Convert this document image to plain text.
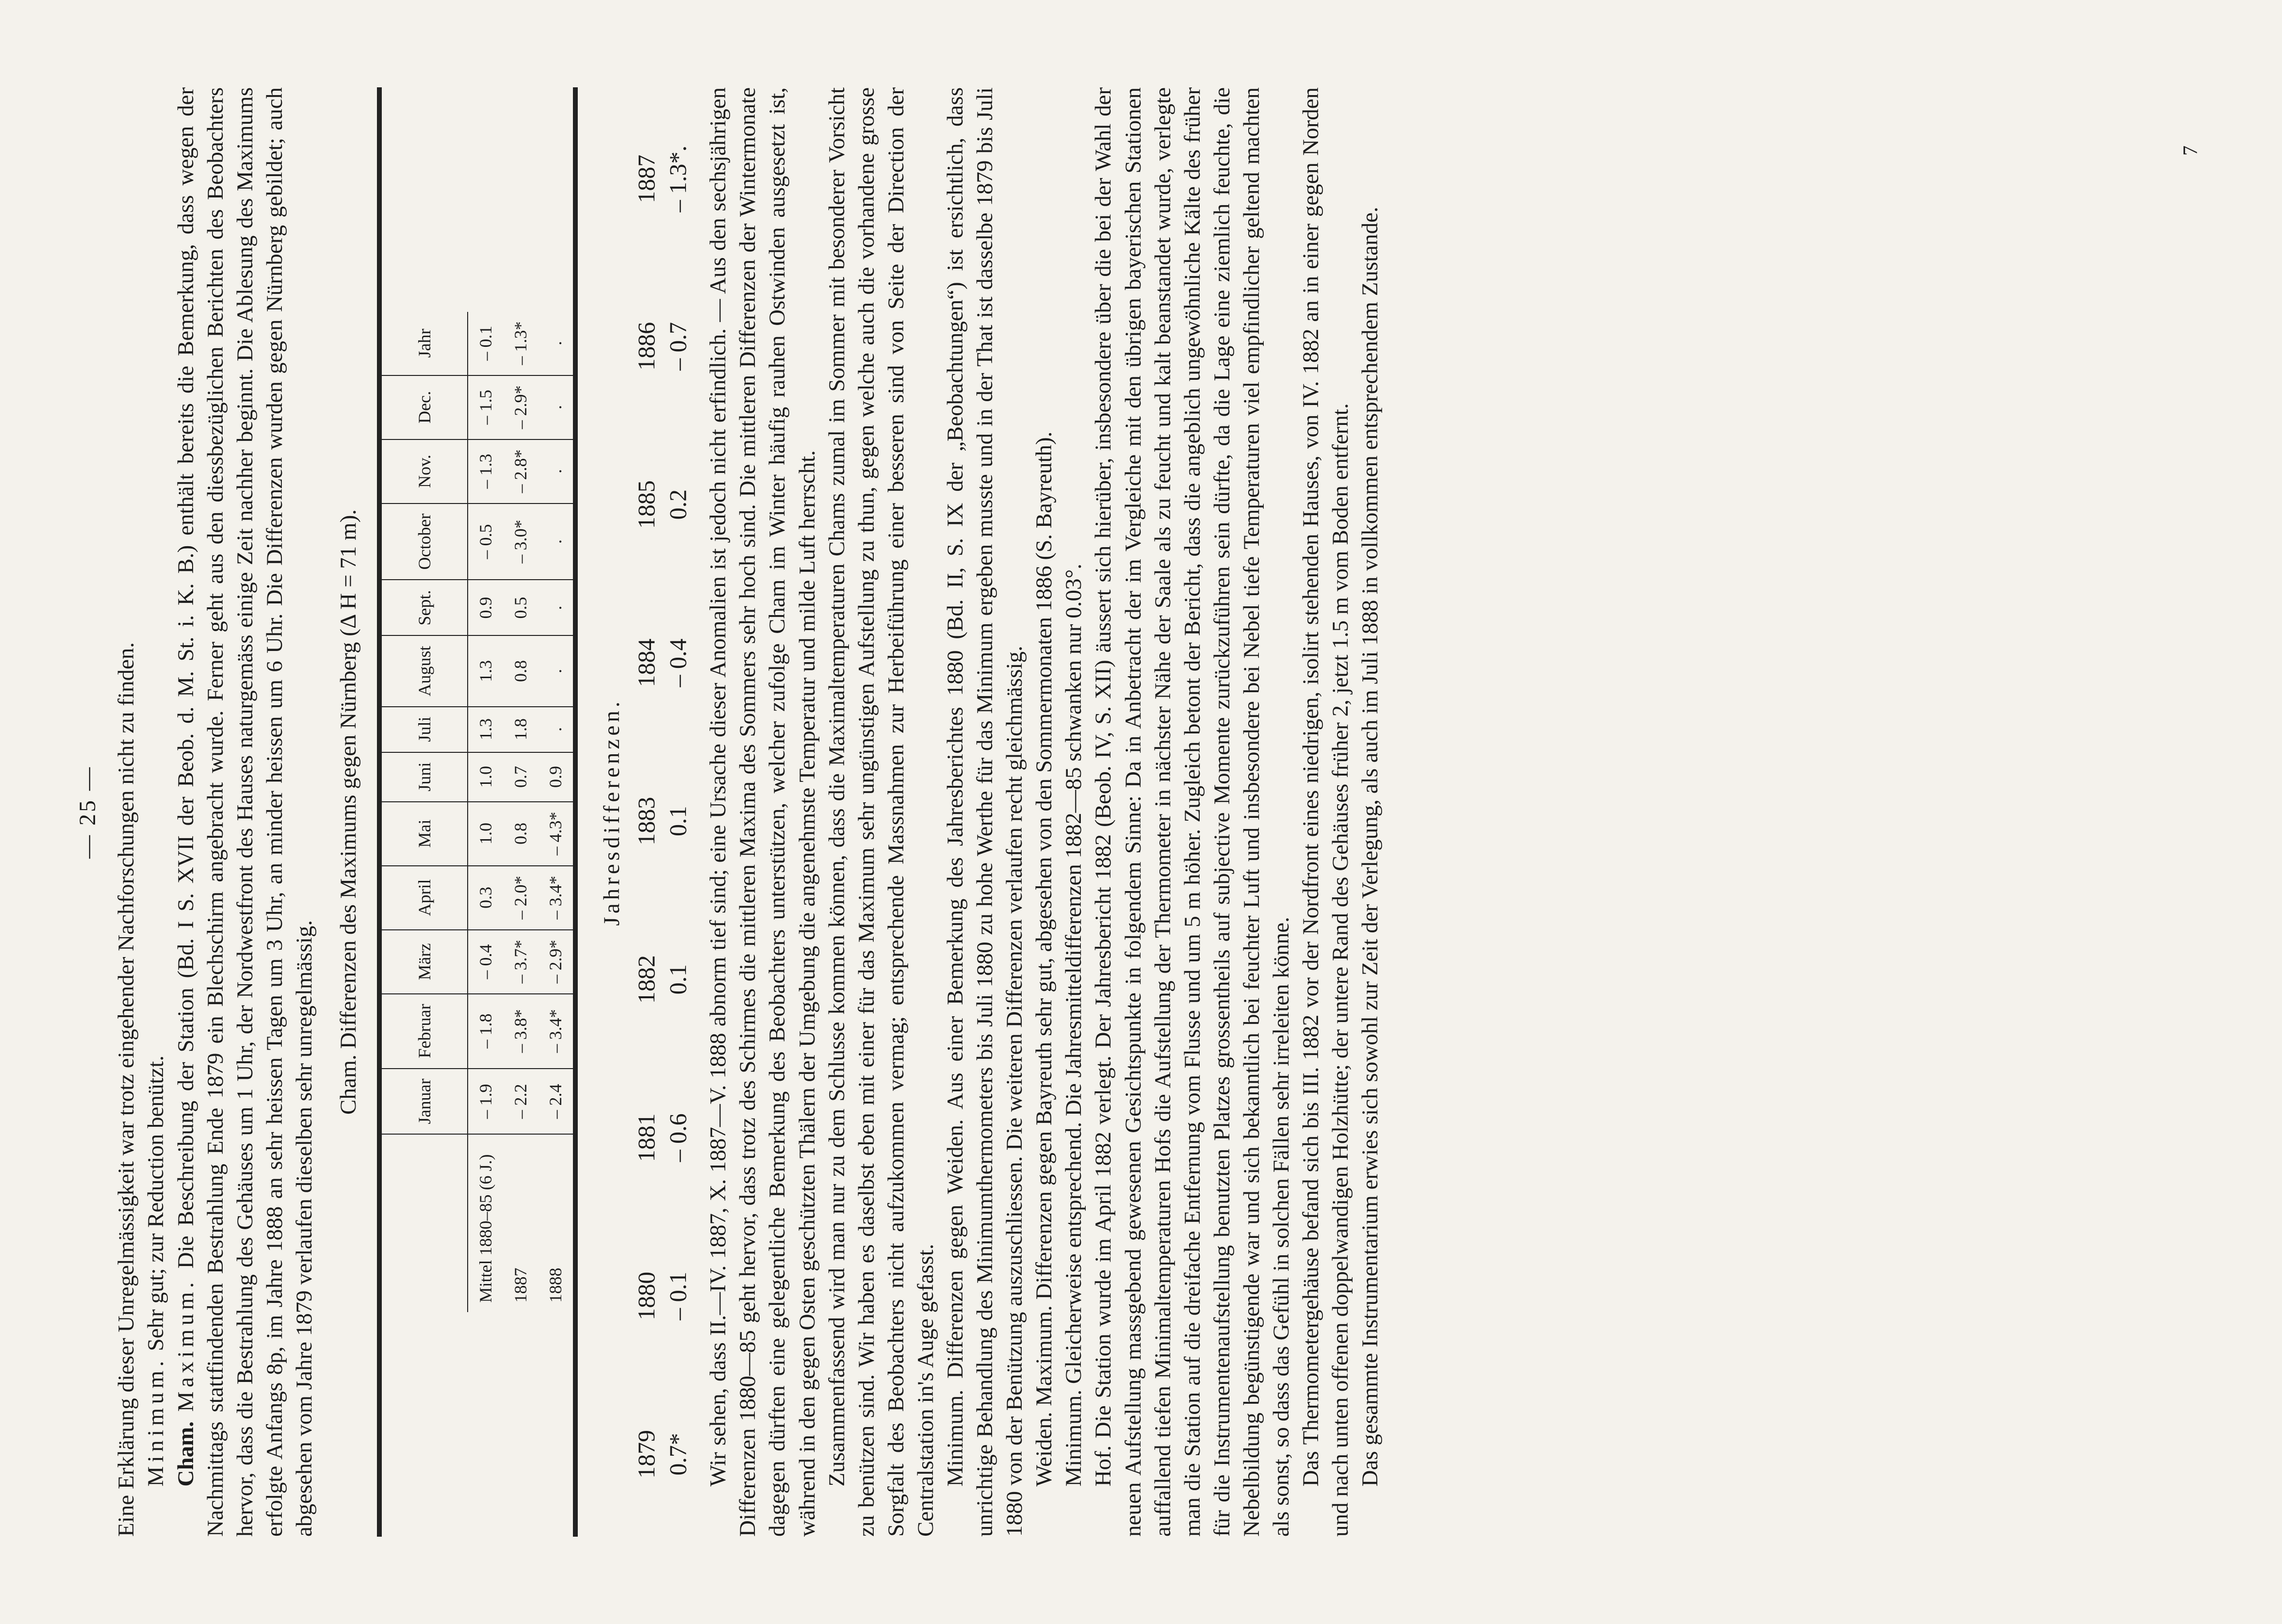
— 25 — Eine Erklärung dieser Unregelmässigkeit war trotz eingehender Nachforschungen nicht zu finden. Minimum. Sehr gut; zur Reduction benützt.

Cham. Maximum. Die Beschreibung der Station (Bd. I S. XVII der Beob. d. M. St. i. K. B.) enthält bereits die Bemerkung, dass wegen der Nachmittags stattfindenden Bestrahlung Ende 1879 ein Blechschirm angebracht wurde. Ferner geht aus den diessbezüglichen Berichten des Beobachters hervor, dass die Bestrahlung des Gehäuses um 1 Uhr, der Nordwestfront des Hauses naturgemäss einige Zeit nachher beginnt. Die Ablesung des Maximums erfolgte Anfangs 8p, im Jahre 1888 an sehr heissen Tagen um 3 Uhr, an minder heissen um 6 Uhr. Die Differenzen wurden gegen Nürnberg gebildet; auch abgesehen vom Jahre 1879 verlaufen dieselben sehr unregelmässig.

Cham. Differenzen des Maximums gegen Nürnberg (Δ H = 71 m).
		Januar	Februar	März	April	Mai	Juni	Juli	August	Sept.	October	Nov.	Dec.	Jahr
Mittel 1880–85 (6 J.)	– 1.9	– 1.8	– 0.4	0.3	1.0	1.0	1.3	1.3	0.9	– 0.5	– 1.3	– 1.5	– 0.1
1887	– 2.2	– 3.8*	– 3.7*	– 2.0*	0.8	0.7	1.8	0.8	0.5	– 3.0*	– 2.8*	– 2.9*	– 1.3*
1888	– 2.4	– 3.4*	– 2.9*	– 3.4*	– 4.3*	0.9	.	.	.	.	.	.	.
Jahresdifferenzen.
1879 0.7*
1880 – 0.1
1881 – 0.6
1882 0.1
1883 0.1
1884 – 0.4
1885 0.2
1886 – 0.7
1887 – 1.3*. Wir sehen, dass II.—IV. 1887, X. 1887—V. 1888 abnorm tief sind; eine Ursache dieser Anomalien ist jedoch nicht erfindlich. — Aus den sechsjährigen Differenzen 1880—85 geht hervor, dass trotz des Schirmes die mittleren Maxima des Sommers sehr hoch sind. Die mittleren Differenzen der Wintermonate dagegen dürften eine gelegentliche Bemerkung des Beobachters unterstützen, welcher zufolge Cham im Winter häufig rauhen Ostwinden ausgesetzt ist, während in den gegen Osten geschützten Thälern der Umgebung die angenehmste Temperatur und milde Luft herrscht. Zusammenfassend wird man nur zu dem Schlusse kommen können, dass die Maximaltemperaturen Chams zumal im Sommer mit besonderer Vorsicht zu benützen sind. Wir haben es daselbst eben mit einer für das Maximum sehr ungünstigen Aufstellung zu thun, gegen welche auch die vorhandene grosse Sorgfalt des Beobachters nicht aufzukommen vermag; entsprechende Massnahmen zur Herbeiführung einer besseren sind von Seite der Direction der Centralstation in's Auge gefasst. Minimum. Differenzen gegen Weiden. Aus einer Bemerkung des Jahresberichtes 1880 (Bd. II, S. IX der „Beobachtungen“) ist ersichtlich, dass unrichtige Behandlung des Minimumthermometers bis Juli 1880 zu hohe Werthe für das Minimum ergeben musste und in der That ist dasselbe 1879 bis Juli 1880 von der Benützung auszuschliessen. Die weiteren Differenzen verlaufen recht gleichmässig. Weiden. Maximum. Differenzen gegen Bayreuth sehr gut, abgesehen von den Sommermonaten 1886 (S. Bayreuth). Minimum. Gleicherweise entsprechend. Die Jahresmitteldifferenzen 1882—85 schwanken nur 0.03°. Hof. Die Station wurde im April 1882 verlegt. Der Jahresbericht 1882 (Beob. IV, S. XII) äussert sich hierüber, insbesondere über die bei der Wahl der neuen Aufstellung massgebend gewesenen Gesichtspunkte in folgendem Sinne: Da in Anbetracht der im Vergleiche mit den übrigen bayerischen Stationen auffallend tiefen Minimaltemperaturen Hofs die Aufstellung der Thermometer in nächster Nähe der Saale als zu feucht und kalt beanstandet wurde, verlegte man die Station auf die dreifache Entfernung vom Flusse und um 5 m höher. Zugleich betont der Bericht, dass die angeblich ungewöhnliche Kälte des früher für die Instrumentenaufstellung benutzten Platzes grossentheils auf subjective Momente zurückzuführen sein dürfte, da die Lage eine ziemlich feuchte, die Nebelbildung begünstigende war und sich bekanntlich bei feuchter Luft und insbesondere bei Nebel tiefe Temperaturen viel empfindlicher geltend machten als sonst, so dass das Gefühl in solchen Fällen sehr irreleiten könne. Das Thermometergehäuse befand sich bis III. 1882 vor der Nordfront eines niedrigen, isolirt stehenden Hauses, von IV. 1882 an in einer gegen Norden und nach unten offenen doppelwandigen Holzhütte; der untere Rand des Gehäuses früher 2, jetzt 1.5 m vom Boden entfernt. Das gesammte Instrumentarium erwies sich sowohl zur Zeit der Verlegung, als auch im Juli 1888 in vollkommen entsprechendem Zustande.

7
